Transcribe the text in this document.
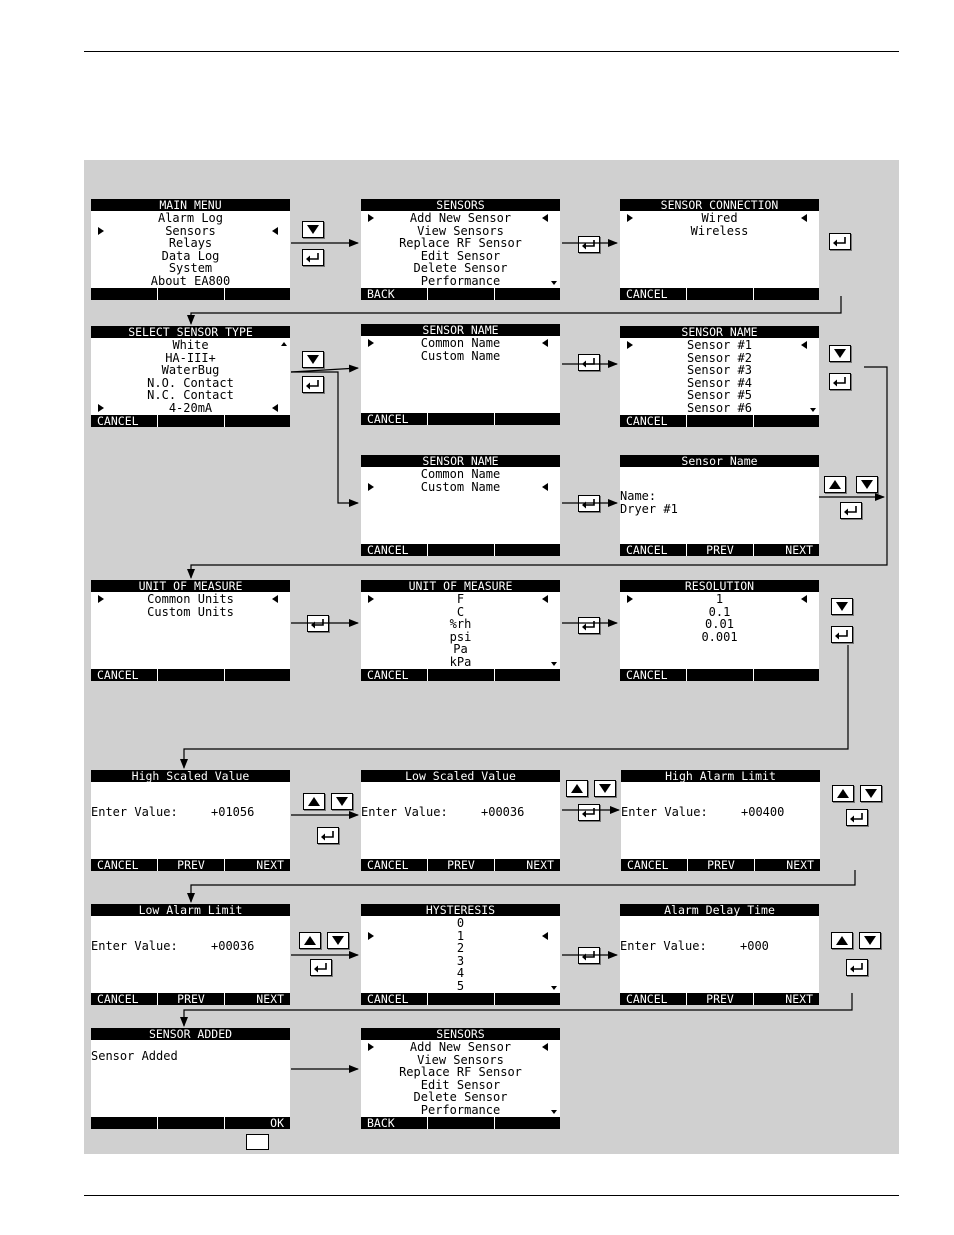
MAIN MENU
Alarm Log
Sensors
Relays
Data Log
System
About EA800
SENSORS
Add New Sensor
View Sensors
Replace RF Sensor
Edit Sensor
Delete Sensor
Performance
BACK
SENSOR CONNECTION
Wired
Wireless
CANCEL
SELECT SENSOR TYPE
White
HA-III+
WaterBug
N.O. Contact
N.C. Contact
4-20mA
CANCEL
SENSOR NAME
Common Name
Custom Name
CANCEL
SENSOR NAME
Sensor #1
Sensor #2
Sensor #3
Sensor #4
Sensor #5
Sensor #6
CANCEL
SENSOR NAME
Common Name
Custom Name
CANCEL
Sensor Name
Name:
Dryer #1
CANCEL	PREV	NEXT
UNIT OF MEASURE
Common Units
Custom Units
CANCEL
UNIT OF MEASURE
F
C
%rh
psi
Pa
kPa
CANCEL
RESOLUTION
1
0.1
0.01
0.001
CANCEL
High Scaled Value
Enter Value:	+01056
CANCEL	PREV	NEXT
Low Scaled Value
Enter Value:	+00036
CANCEL	PREV	NEXT
High Alarm Limit
Enter Value:	+00400
CANCEL	PREV	NEXT
Low Alarm Limit
Enter Value:	+00036
CANCEL	PREV	NEXT
HYSTERESIS
0
1
2
3
4
5
CANCEL
Alarm Delay Time
Enter Value:	+000
CANCEL	PREV	NEXT
SENSOR ADDED
Sensor Added
OK
SENSORS
Add New Sensor
View Sensors
Replace RF Sensor
Edit Sensor
Delete Sensor
Performance
BACK
